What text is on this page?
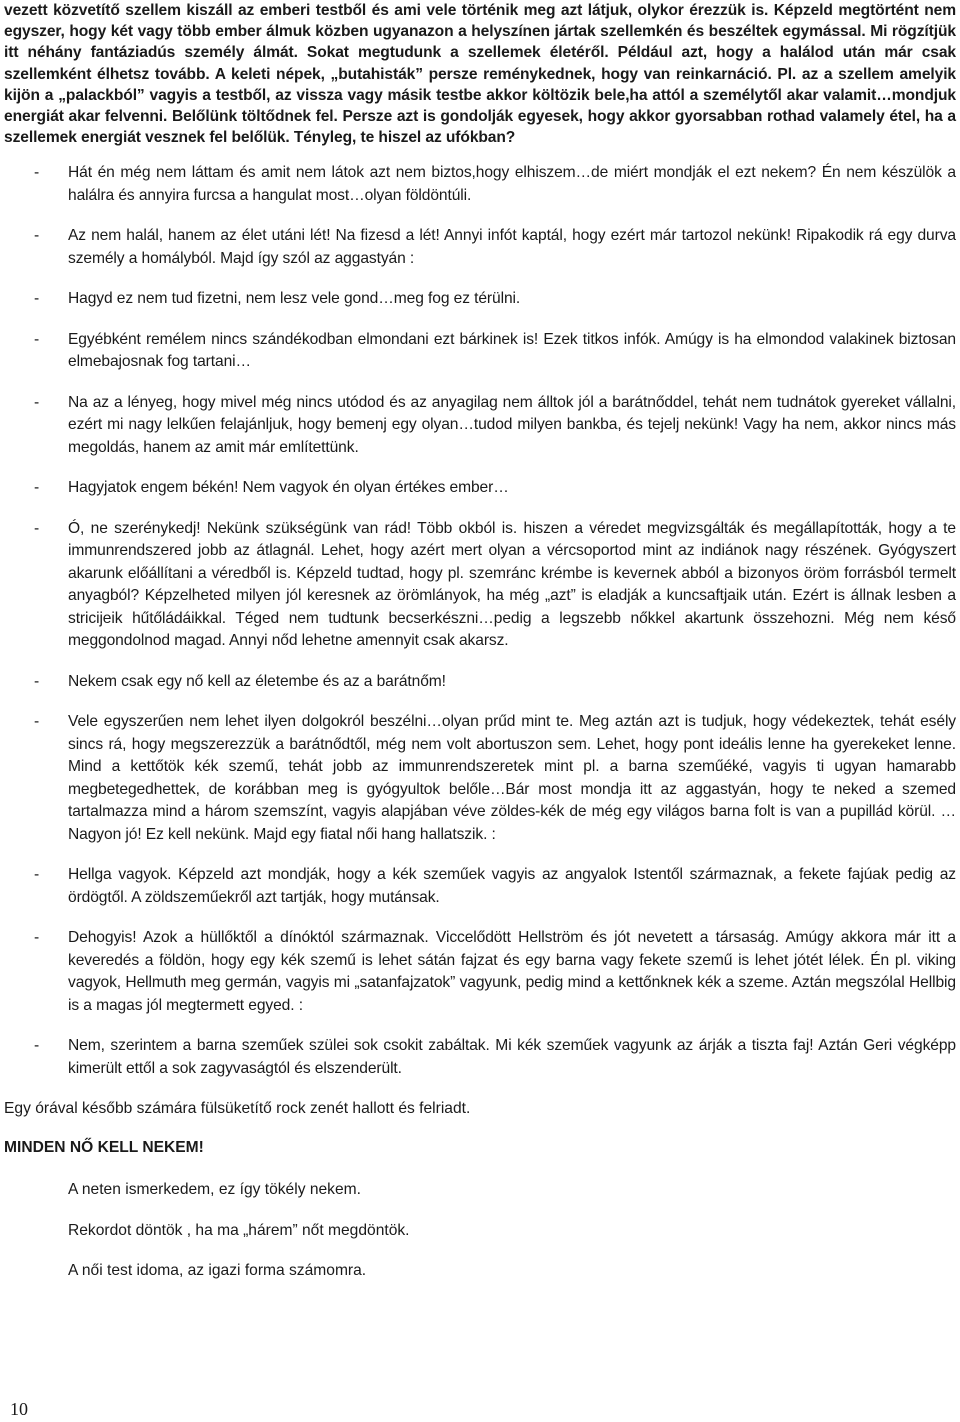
vezett közvetítő szellem kiszáll az emberi testből és ami vele történik meg azt látjuk, olykor érezzük is. Képzeld megtörtént nem egyszer, hogy két vagy több ember álmuk közben ugyanazon a helyszínen jártak szellemkén és beszéltek egymással. Mi rögzítjük itt néhány fantáziadús személy álmát. Sokat megtudunk a szellemek életéről. Például azt, hogy a halálod után már csak szellemként élhetsz tovább. A keleti népek, „butahisták” persze reménykednek, hogy van reinkarnáció. Pl. az a szellem amelyik kijön a „palackból” vagyis a testből, az vissza vagy másik testbe akkor költözik bele,ha attól a személytől akar valamit…mondjuk energiát akar felvenni. Belőlünk töltődnek fel. Persze azt is gondolják egyesek, hogy akkor gyorsabban rothad valamely étel, ha a szellemek energiát vesznek fel belőlük. Tényleg, te hiszel az ufókban?

- Hát én még nem láttam és amit nem látok azt nem biztos,hogy elhiszem…de miért mondják el ezt nekem? Én nem készülök a halálra és annyira furcsa a hangulat most…olyan földöntúli.
- Az nem halál, hanem az élet utáni lét! Na fizesd a lét! Annyi infót kaptál, hogy ezért már tartozol nekünk! Ripakodik rá egy durva személy a homályból. Majd így szól az aggastyán :
- Hagyd ez nem tud fizetni, nem lesz vele gond…meg fog ez térülni.
- Egyébként remélem nincs szándékodban elmondani ezt bárkinek is! Ezek titkos infók. Amúgy is ha elmondod valakinek biztosan elmebajosnak fog tartani…
- Na az a lényeg, hogy mivel még nincs utódod és az anyagilag nem álltok jól a barátnőddel, tehát nem tudnátok gyereket vállalni, ezért mi nagy lelkűen felajánljuk, hogy bemenj egy olyan…tudod milyen bankba, és tejelj nekünk! Vagy ha nem, akkor nincs más megoldás, hanem az amit már említettünk.
- Hagyjatok engem békén! Nem vagyok én olyan értékes ember…
- Ó, ne szerénykedj! Nekünk szükségünk van rád! Több okból is. hiszen a véredet megvizsgálták és megállapították, hogy a te immunrendszered jobb az átlagnál. Lehet, hogy azért mert olyan a vércsoportod mint az indiánok nagy részének. Gyógyszert akarunk előállítani a véredből is. Képzeld tudtad, hogy pl. szemránc krémbe is kevernek abból a bizonyos öröm forrásból termelt anyagból? Képzelheted milyen jól keresnek az örömlányok, ha még „azt” is eladják a kuncsaftjaik után. Ezért is állnak lesben a stricijeik hűtőládáikkal. Téged nem tudtunk becserkészni…pedig a legszebb nőkkel akartunk összehozni. Még nem késő meggondolnod magad. Annyi nőd lehetne amennyit csak akarsz.
- Nekem csak egy nő kell az életembe és az a barátnőm!
- Vele egyszerűen nem lehet ilyen dolgokról beszélni…olyan prűd mint te. Meg aztán azt is tudjuk, hogy védekeztek, tehát esély sincs rá, hogy megszerezzük a barátnődtől, még nem volt abortuszon sem. Lehet, hogy pont ideális lenne ha gyerekeket lenne. Mind a kettőtök kék szemű, tehát jobb az immunrendszeretek mint pl. a barna szeműéké, vagyis ti ugyan hamarabb megbetegedhettek, de korábban meg is gyógyultok belőle…Bár most mondja itt az aggastyán, hogy te neked a szemed tartalmazza mind a három szemszínt, vagyis alapjában véve zöldes-kék de még egy világos barna folt is van a pupillád körül. … Nagyon jó! Ez kell nekünk. Majd egy fiatal női hang hallatszik. :
- Hellga vagyok. Képzeld azt mondják, hogy a kék szeműek vagyis az angyalok Istentől származnak, a fekete fajúak pedig az ördögtől. A zöldszeműekről azt tartják, hogy mutánsak.
- Dehogyis! Azok a hüllőktől a dínóktól származnak. Viccelődött Hellström és jót nevetett a társaság. Amúgy akkora már itt a keveredés a földön, hogy egy kék szemű is lehet sátán fajzat és egy barna vagy fekete szemű is lehet jótét lélek. Én pl. viking vagyok, Hellmuth meg germán, vagyis mi „satanfajzatok” vagyunk, pedig mind a kettőnknek kék a szeme. Aztán megszólal Hellbig is a magas jól megtermett egyed. :
- Nem, szerintem a barna szeműek szülei sok csokit zabáltak. Mi kék szeműek vagyunk az árják a tiszta faj! Aztán Geri végképp kimerült ettől a sok zagyvaságtól és elszenderült.

Egy órával később számára fülsüketítő rock zenét hallott és felriadt.

MINDEN NŐ KELL NEKEM!

A neten ismerkedem, ez így tökély nekem.

Rekordot döntök , ha ma „hárem” nőt megdöntök.

A női test idoma, az igazi forma számomra.

10
